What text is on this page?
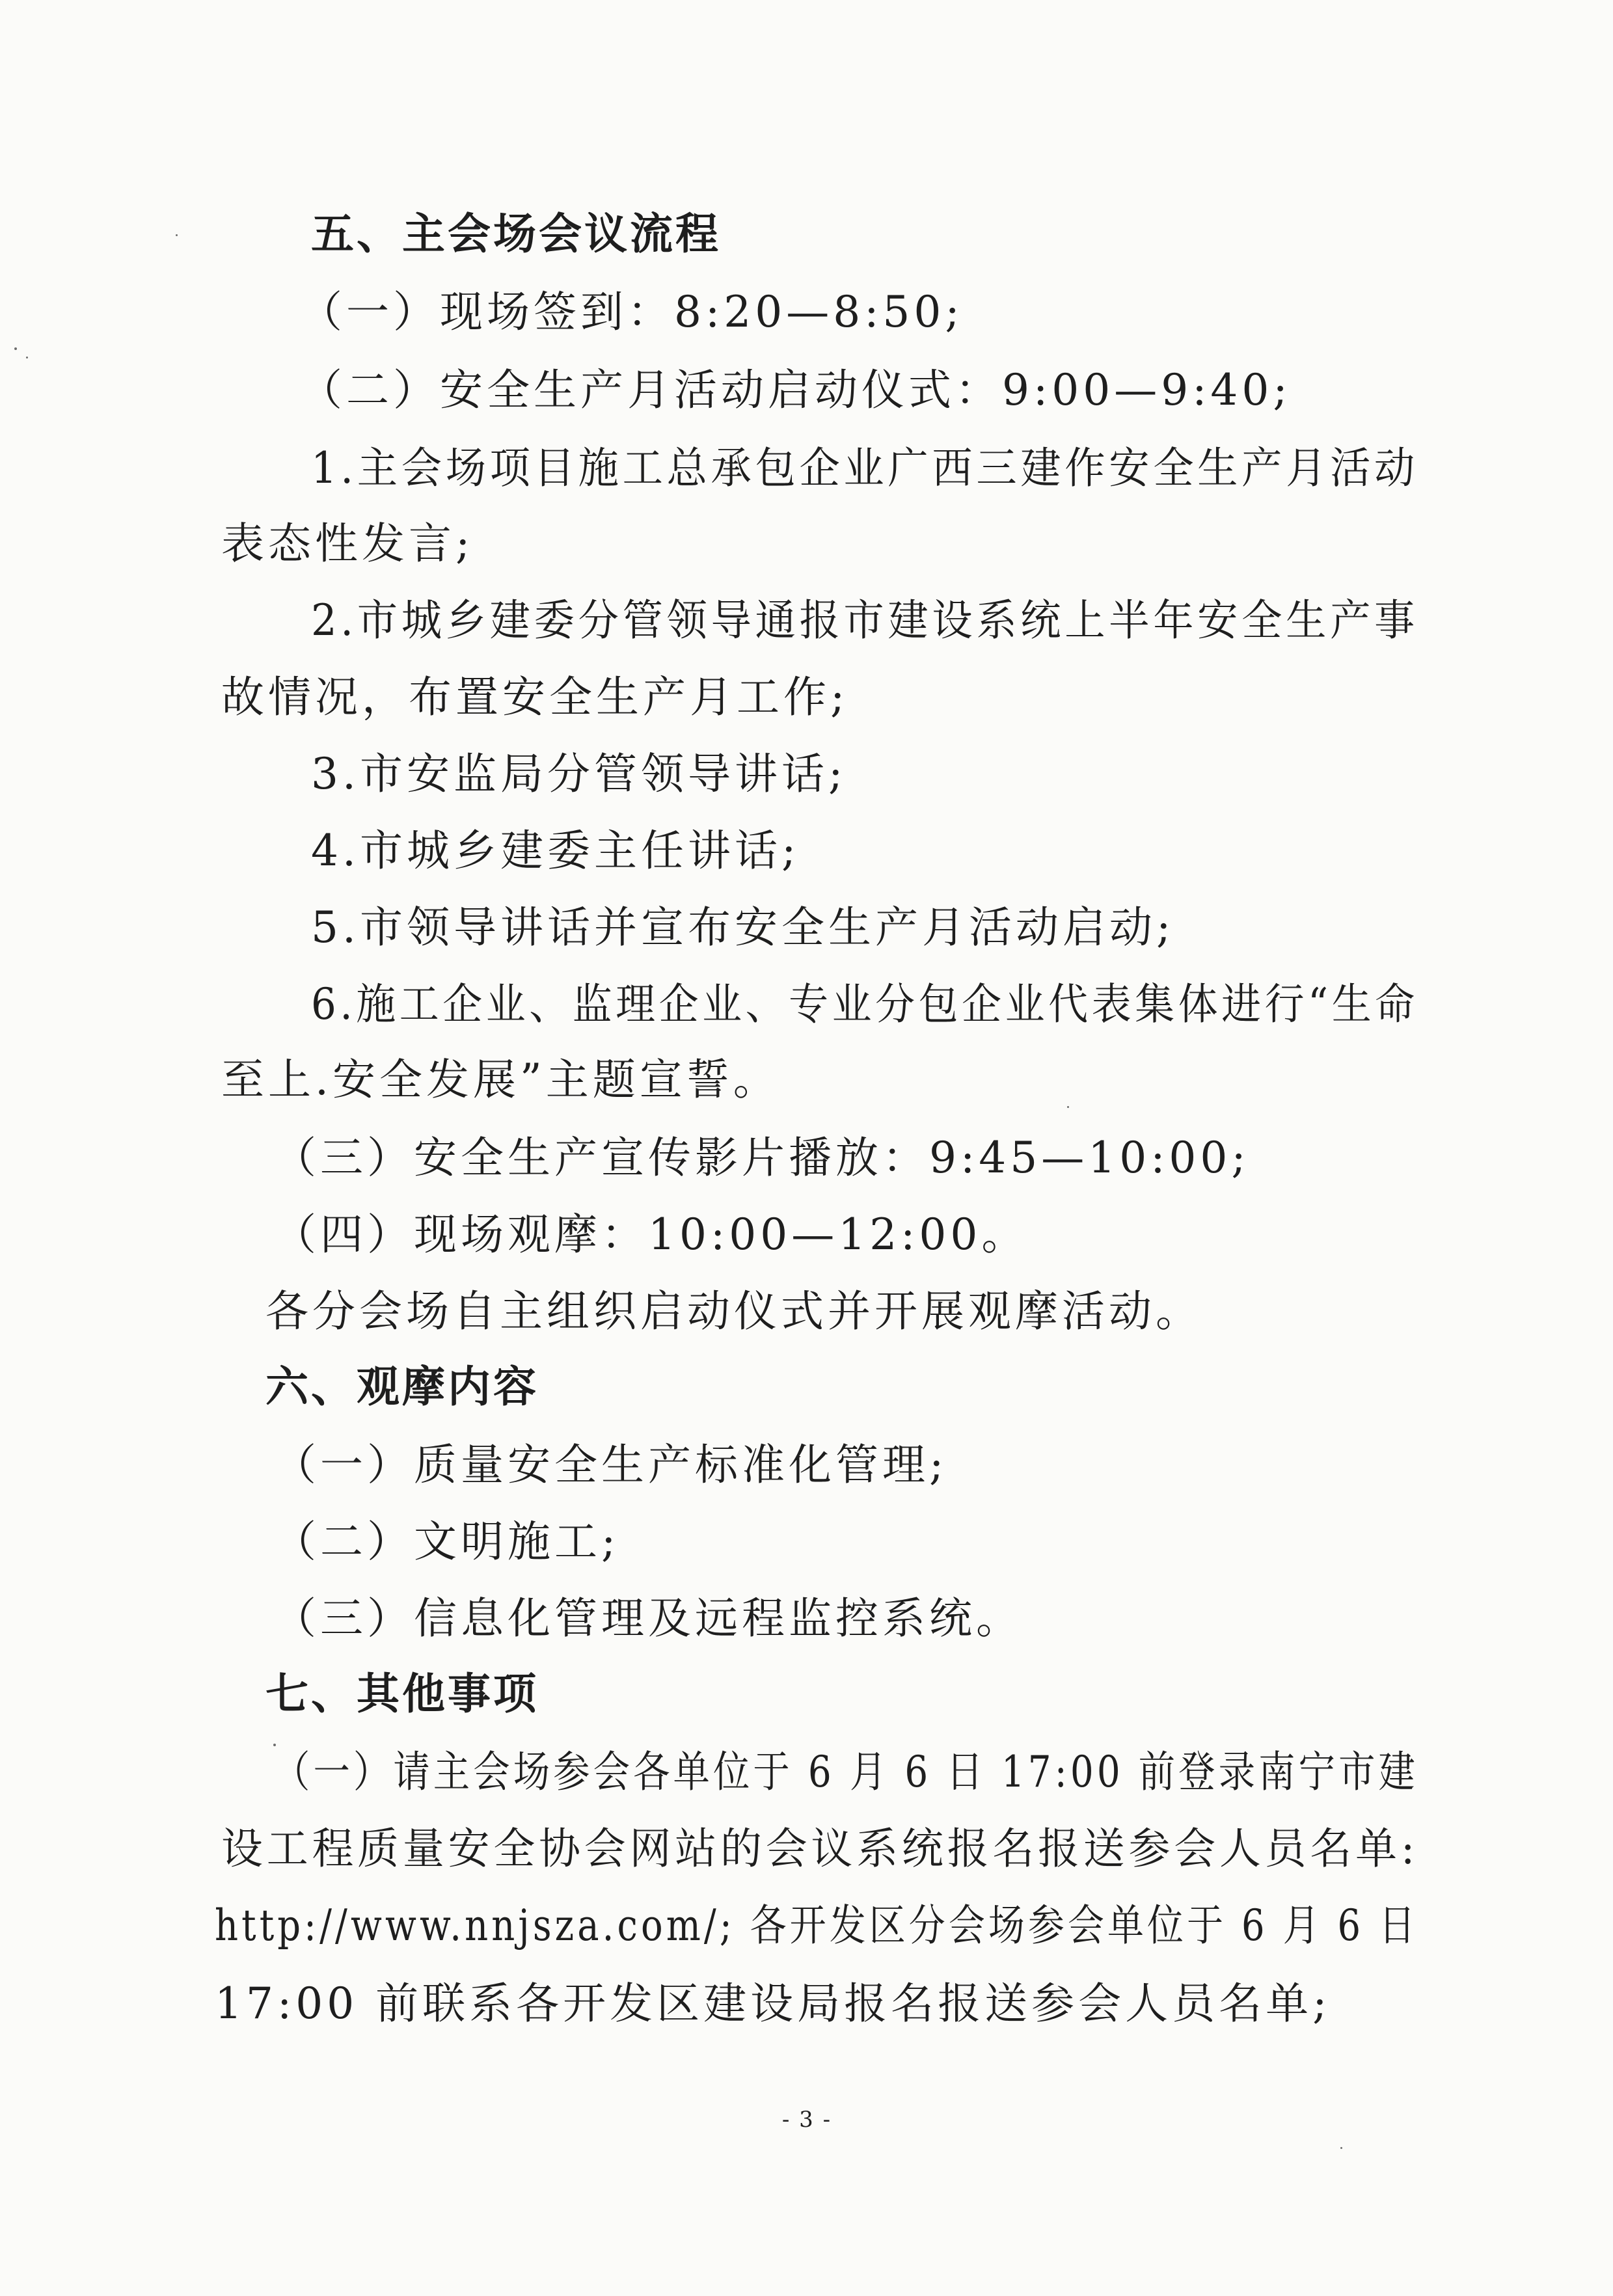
五、主会场会议流程
（一）现场签到：8:20—8:50;
（二）安全生产月活动启动仪式：9:00—9:40;
1.主会场项目施工总承包企业广西三建作安全生产月活动
表态性发言;
2.市城乡建委分管领导通报市建设系统上半年安全生产事
故情况，布置安全生产月工作;
3.市安监局分管领导讲话;
4.市城乡建委主任讲话;
5.市领导讲话并宣布安全生产月活动启动;
6.施工企业、监理企业、专业分包企业代表集体进行“生命
至上.安全发展”主题宣誓。
（三）安全生产宣传影片播放：9:45—10:00;
（四）现场观摩：10:00—12:00。
各分会场自主组织启动仪式并开展观摩活动。
六、观摩内容
（一）质量安全生产标准化管理;
（二）文明施工;
（三）信息化管理及远程监控系统。
七、其他事项
（一）请主会场参会各单位于 6 月 6 日 17:00 前登录南宁市建
设工程质量安全协会网站的会议系统报名报送参会人员名单:
http://www.nnjsza.com/; 各开发区分会场参会单位于 6 月 6 日
17:00 前联系各开发区建设局报名报送参会人员名单;
- 3 -
